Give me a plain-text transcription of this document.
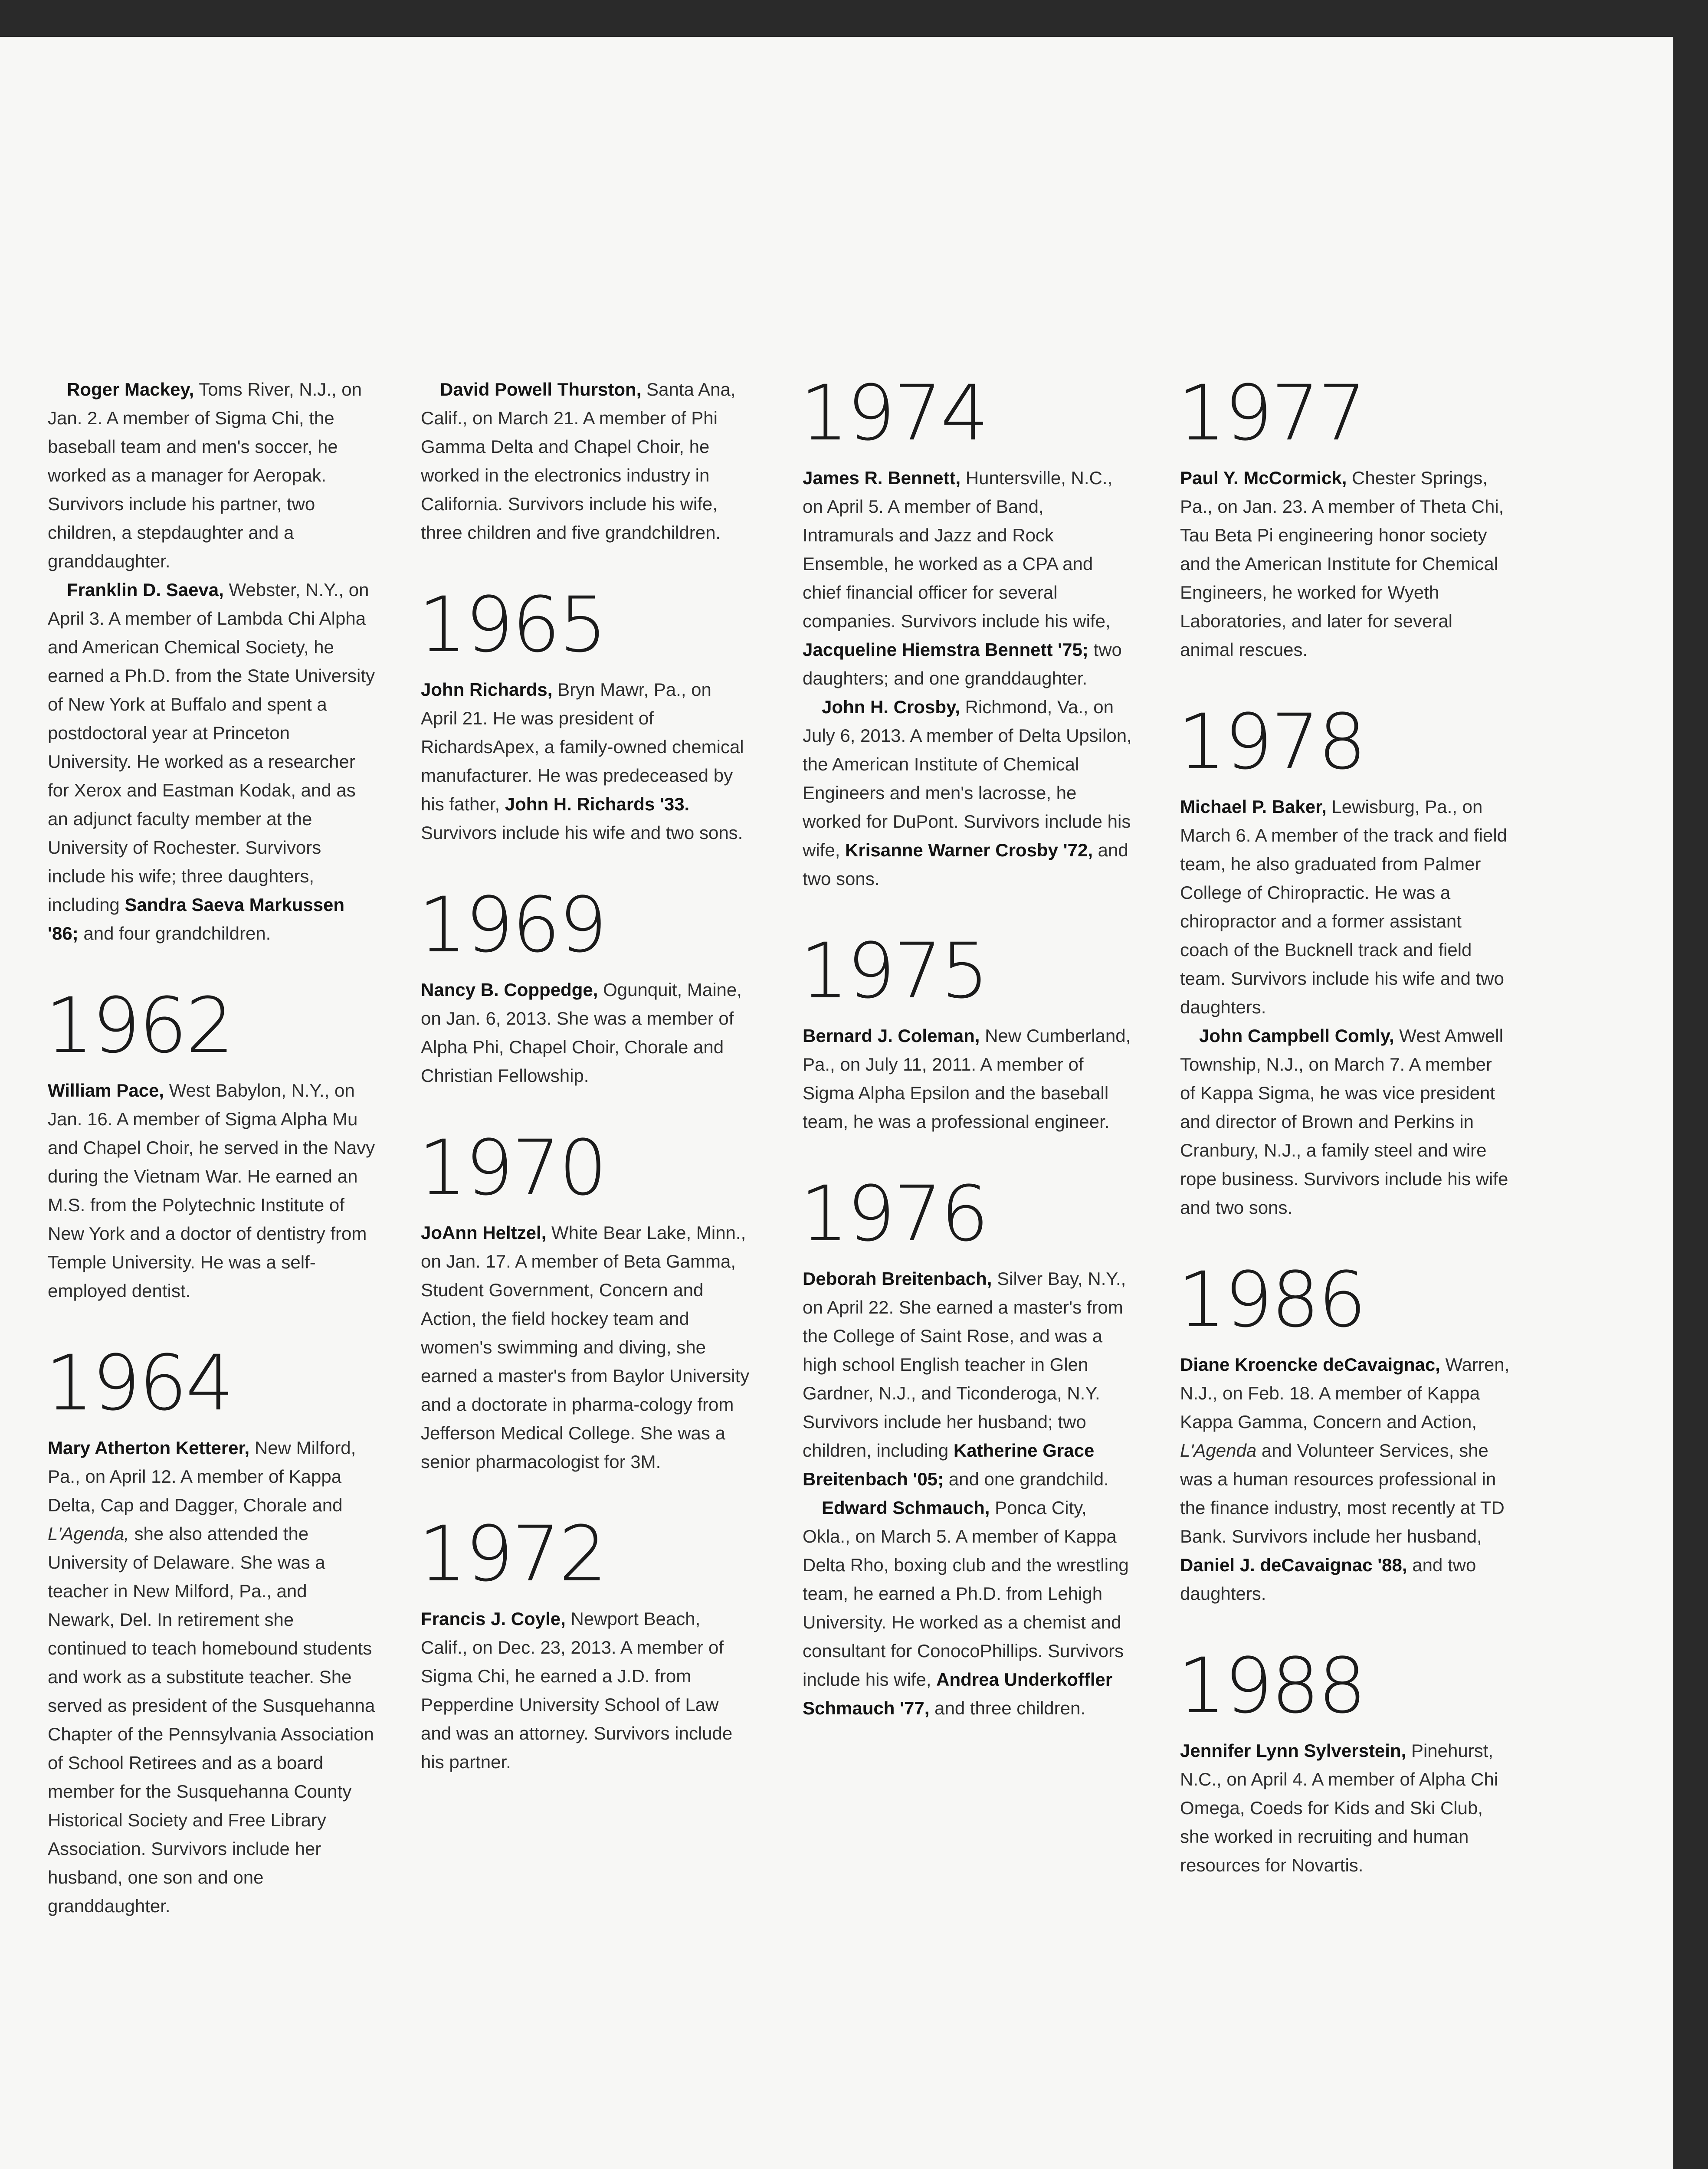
Roger Mackey, Toms River, N.J., on Jan. 2. A member of Sigma Chi, the baseball team and men's soccer, he worked as a manager for Aeropak. Survivors include his partner, two children, a stepdaughter and a granddaughter.

Franklin D. Saeva, Webster, N.Y., on April 3. A member of Lambda Chi Alpha and American Chemical Society, he earned a Ph.D. from the State University of New York at Buffalo and spent a postdoctoral year at Princeton University. He worked as a researcher for Xerox and Eastman Kodak, and as an adjunct faculty member at the University of Rochester. Survivors include his wife; three daughters, including Sandra Saeva Markussen '86; and four grandchildren.

1962

William Pace, West Babylon, N.Y., on Jan. 16. A member of Sigma Alpha Mu and Chapel Choir, he served in the Navy during the Vietnam War. He earned an M.S. from the Polytechnic Institute of New York and a doctor of dentistry from Temple University. He was a self-employed dentist.

1964

Mary Atherton Ketterer, New Milford, Pa., on April 12. A member of Kappa Delta, Cap and Dagger, Chorale and L'Agenda, she also attended the University of Delaware. She was a teacher in New Milford, Pa., and Newark, Del. In retirement she continued to teach homebound students and work as a substitute teacher. She served as president of the Susquehanna Chapter of the Pennsylvania Association of School Retirees and as a board member for the Susquehanna County Historical Society and Free Library Association. Survivors include her husband, one son and one granddaughter.

David Powell Thurston, Santa Ana, Calif., on March 21. A member of Phi Gamma Delta and Chapel Choir, he worked in the electronics industry in California. Survivors include his wife, three children and five grandchildren.

1965

John Richards, Bryn Mawr, Pa., on April 21. He was president of RichardsApex, a family-owned chemical manufacturer. He was predeceased by his father, John H. Richards '33. Survivors include his wife and two sons.

1969

Nancy B. Coppedge, Ogunquit, Maine, on Jan. 6, 2013. She was a member of Alpha Phi, Chapel Choir, Chorale and Christian Fellowship.

1970

JoAnn Heltzel, White Bear Lake, Minn., on Jan. 17. A member of Beta Gamma, Student Government, Concern and Action, the field hockey team and women's swimming and diving, she earned a master's from Baylor University and a doctorate in pharma-cology from Jefferson Medical College. She was a senior pharmacologist for 3M.

1972

Francis J. Coyle, Newport Beach, Calif., on Dec. 23, 2013. A member of Sigma Chi, he earned a J.D. from Pepperdine University School of Law and was an attorney. Survivors include his partner.

1974

James R. Bennett, Huntersville, N.C., on April 5. A member of Band, Intramurals and Jazz and Rock Ensemble, he worked as a CPA and chief financial officer for several companies. Survivors include his wife, Jacqueline Hiemstra Bennett '75; two daughters; and one granddaughter.

John H. Crosby, Richmond, Va., on July 6, 2013. A member of Delta Upsilon, the American Institute of Chemical Engineers and men's lacrosse, he worked for DuPont. Survivors include his wife, Krisanne Warner Crosby '72, and two sons.

1975

Bernard J. Coleman, New Cumberland, Pa., on July 11, 2011. A member of Sigma Alpha Epsilon and the baseball team, he was a professional engineer.

1976

Deborah Breitenbach, Silver Bay, N.Y., on April 22. She earned a master's from the College of Saint Rose, and was a high school English teacher in Glen Gardner, N.J., and Ticonderoga, N.Y. Survivors include her husband; two children, including Katherine Grace Breitenbach '05; and one grandchild.

Edward Schmauch, Ponca City, Okla., on March 5. A member of Kappa Delta Rho, boxing club and the wrestling team, he earned a Ph.D. from Lehigh University. He worked as a chemist and consultant for ConocoPhillips. Survivors include his wife, Andrea Underkoffler Schmauch '77, and three children.

1977

Paul Y. McCormick, Chester Springs, Pa., on Jan. 23. A member of Theta Chi, Tau Beta Pi engineering honor society and the American Institute for Chemical Engineers, he worked for Wyeth Laboratories, and later for several animal rescues.

1978

Michael P. Baker, Lewisburg, Pa., on March 6. A member of the track and field team, he also graduated from Palmer College of Chiropractic. He was a chiropractor and a former assistant coach of the Bucknell track and field team. Survivors include his wife and two daughters.

John Campbell Comly, West Amwell Township, N.J., on March 7. A member of Kappa Sigma, he was vice president and director of Brown and Perkins in Cranbury, N.J., a family steel and wire rope business. Survivors include his wife and two sons.

1986

Diane Kroencke deCavaignac, Warren, N.J., on Feb. 18. A member of Kappa Kappa Gamma, Concern and Action, L'Agenda and Volunteer Services, she was a human resources professional in the finance industry, most recently at TD Bank. Survivors include her husband, Daniel J. deCavaignac '88, and two daughters.

1988

Jennifer Lynn Sylverstein, Pinehurst, N.C., on April 4. A member of Alpha Chi Omega, Coeds for Kids and Ski Club, she worked in recruiting and human resources for Novartis.
